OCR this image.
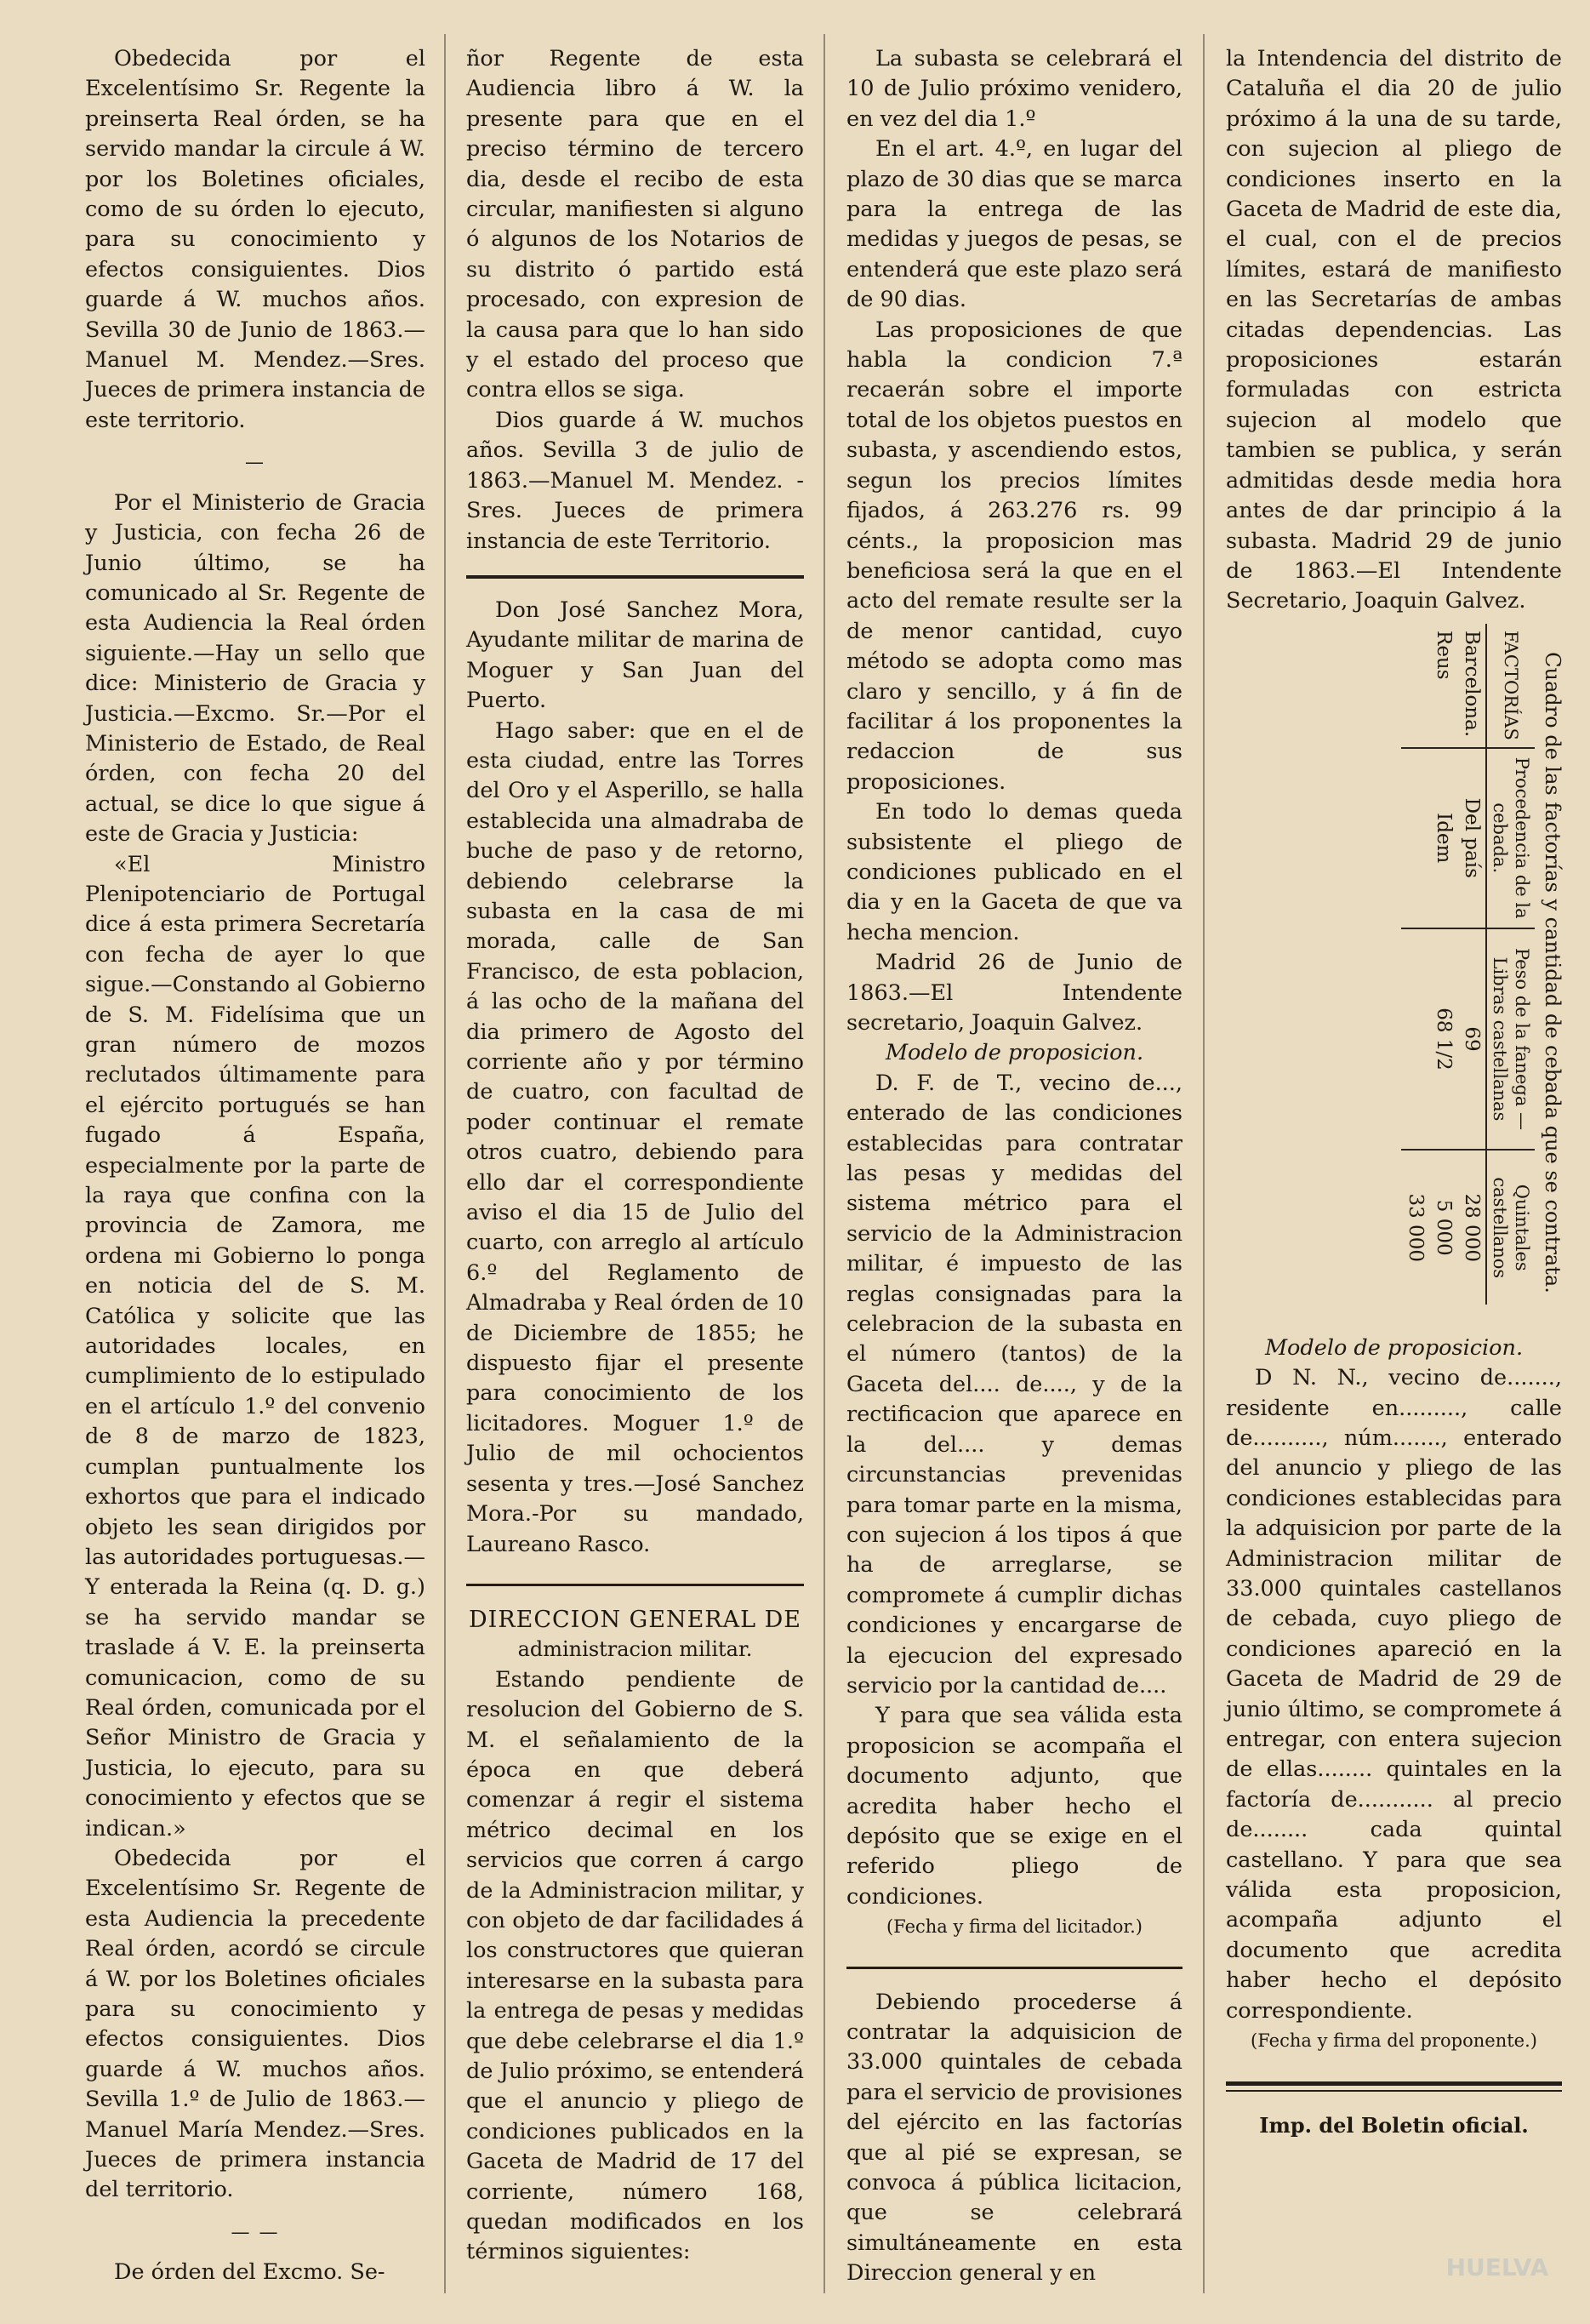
Obedecida por el Excelentísimo Sr. Regente la preinserta Real órden, se ha servido mandar la circule á W. por los Boletines oficiales, como de su órden lo ejecuto, para su conocimiento y efectos consiguientes. Dios guarde á W. muchos años. Sevilla 30 de Junio de 1863.—Manuel M. Mendez.—Sres. Jueces de primera instancia de este territorio.

—

Por el Ministerio de Gracia y Justicia, con fecha 26 de Junio último, se ha comunicado al Sr. Regente de esta Audiencia la Real órden siguiente.—Hay un sello que dice: Ministerio de Gracia y Justicia.—Excmo. Sr.—Por el Ministerio de Estado, de Real órden, con fecha 20 del actual, se dice lo que sigue á este de Gracia y Justicia:

«El Ministro Plenipotenciario de Portugal dice á esta primera Secretaría con fecha de ayer lo que sigue.—Constando al Gobierno de S. M. Fidelísima que un gran número de mozos reclutados últimamente para el ejército portugués se han fugado á España, especialmente por la parte de la raya que confina con la provincia de Zamora, me ordena mi Gobierno lo ponga en noticia del de S. M. Católica y solicite que las autoridades locales, en cumplimiento de lo estipulado en el artículo 1.º del convenio de 8 de marzo de 1823, cumplan puntualmente los exhortos que para el indicado objeto les sean dirigidos por las autoridades portuguesas.—Y enterada la Reina (q. D. g.) se ha servido mandar se traslade á V. E. la preinserta comunicacion, como de su Real órden, comunicada por el Señor Ministro de Gracia y Justicia, lo ejecuto, para su conocimiento y efectos que se indican.»

Obedecida por el Excelentísimo Sr. Regente de esta Audiencia la precedente Real órden, acordó se circule á W. por los Boletines oficiales para su conocimiento y efectos consiguientes. Dios guarde á W. muchos años. Sevilla 1.º de Julio de 1863.—Manuel María Mendez.—Sres. Jueces de primera instancia del territorio.

— —

De órden del Excmo. Se-

ñor Regente de esta Audiencia libro á W. la presente para que en el preciso término de tercero dia, desde el recibo de esta circular, manifiesten si alguno ó algunos de los Notarios de su distrito ó partido está procesado, con expresion de la causa para que lo han sido y el estado del proceso que contra ellos se siga.

Dios guarde á W. muchos años. Sevilla 3 de julio de 1863.—Manuel M. Mendez. -Sres. Jueces de primera instancia de este Territorio.

Don José Sanchez Mora, Ayudante militar de marina de Moguer y San Juan del Puerto.

Hago saber: que en el de esta ciudad, entre las Torres del Oro y el Asperillo, se halla establecida una almadraba de buche de paso y de retorno, debiendo celebrarse la subasta en la casa de mi morada, calle de San Francisco, de esta poblacion, á las ocho de la mañana del dia primero de Agosto del corriente año y por término de cuatro, con facultad de poder continuar el remate otros cuatro, debiendo para ello dar el correspondiente aviso el dia 15 de Julio del cuarto, con arreglo al artículo 6.º del Reglamento de Almadraba y Real órden de 10 de Diciembre de 1855; he dispuesto fijar el presente para conocimiento de los licitadores. Moguer 1.º de Julio de mil ochocientos sesenta y tres.—José Sanchez Mora.-Por su mandado, Laureano Rasco.

DIRECCION GENERAL DE

administracion militar.

Estando pendiente de resolucion del Gobierno de S. M. el señalamiento de la época en que deberá comenzar á regir el sistema métrico decimal en los servicios que corren á cargo de la Administracion militar, y con objeto de dar facilidades á los constructores que quieran interesarse en la subasta para la entrega de pesas y medidas que debe celebrarse el dia 1.º de Julio próximo, se entenderá que el anuncio y pliego de condiciones publicados en la Gaceta de Madrid de 17 del corriente, número 168, quedan modificados en los términos siguientes:

La subasta se celebrará el 10 de Julio próximo venidero, en vez del dia 1.º

En el art. 4.º, en lugar del plazo de 30 dias que se marca para la entrega de las medidas y juegos de pesas, se entenderá que este plazo será de 90 dias.

Las proposiciones de que habla la condicion 7.ª recaerán sobre el importe total de los objetos puestos en subasta, y ascendiendo estos, segun los precios límites fijados, á 263.276 rs. 99 cénts., la proposicion mas beneficiosa será la que en el acto del remate resulte ser la de menor cantidad, cuyo método se adopta como mas claro y sencillo, y á fin de facilitar á los proponentes la redaccion de sus proposiciones.

En todo lo demas queda subsistente el pliego de condiciones publicado en el dia y en la Gaceta de que va hecha mencion.

Madrid 26 de Junio de 1863.—El Intendente secretario, Joaquin Galvez.

Modelo de proposicion.

D. F. de T., vecino de..., enterado de las condiciones establecidas para contratar las pesas y medidas del sistema métrico para el servicio de la Administracion militar, é impuesto de las reglas consignadas para la celebracion de la subasta en el número (tantos) de la Gaceta del.... de...., y de la rectificacion que aparece en la del.... y demas circunstancias prevenidas para tomar parte en la misma, con sujecion á los tipos á que ha de arreglarse, se compromete á cumplir dichas condiciones y encargarse de la ejecucion del expresado servicio por la cantidad de....

Y para que sea válida esta proposicion se acompaña el documento adjunto, que acredita haber hecho el depósito que se exige en el referido pliego de condiciones.

(Fecha y firma del licitador.)

Debiendo procederse á contratar la adquisicion de 33.000 quintales de cebada para el servicio de provisiones del ejército en las factorías que al pié se expresan, se convoca á pública licitacion, que se celebrará simultáneamente en esta Direccion general y en

la Intendencia del distrito de Cataluña el dia 20 de julio próximo á la una de su tarde, con sujecion al pliego de condiciones inserto en la Gaceta de Madrid de este dia, el cual, con el de precios límites, estará de manifiesto en las Secretarías de ambas citadas dependencias. Las proposiciones estarán formuladas con estricta sujecion al modelo que tambien se publica, y serán admitidas desde media hora antes de dar principio á la subasta. Madrid 29 de junio de 1863.—El Intendente Secretario, Joaquin Galvez.

Cuadro de las factorías y cantidad de cebada que se contrata.
FACTORÍAS	Procedencia de la cebada.	Peso de la fanega — Libras castellanas	Quintales castellanos
Barcelona.	Del país	69	28 000
Reus	Idem	68 1/2	5 000
			33 000

Modelo de proposicion.

D N. N., vecino de......., residente en........., calle de.........., núm......., enterado del anuncio y pliego de las condiciones establecidas para la adquisicion por parte de la Administracion militar de 33.000 quintales castellanos de cebada, cuyo pliego de condiciones apareció en la Gaceta de Madrid de 29 de junio último, se compromete á entregar, con entera sujecion de ellas........ quintales en la factoría de........... al precio de........ cada quintal castellano. Y para que sea válida esta proposicion, acompaña adjunto el documento que acredita haber hecho el depósito correspondiente.

(Fecha y firma del proponente.)

Imp. del Boletin oficial.

HUELVA
